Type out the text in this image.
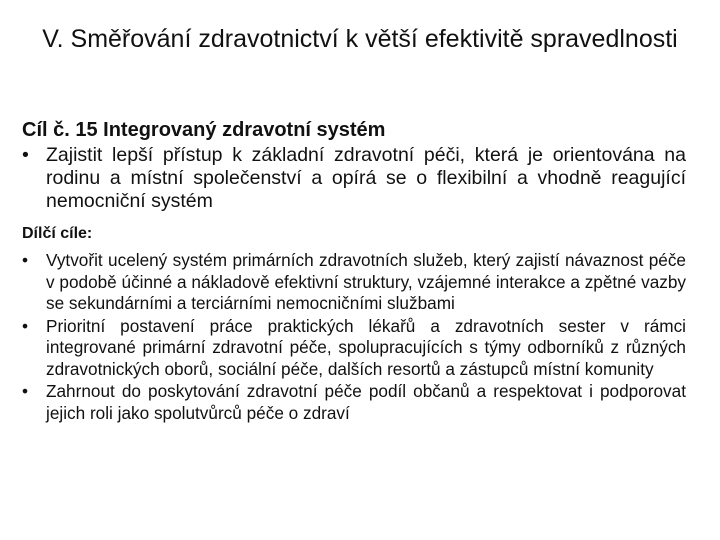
V. Směřování zdravotnictví k větší efektivitě spravedlnosti
Cíl č. 15 Integrovaný zdravotní systém
• Zajistit lepší přístup k základní zdravotní péči, která je orientována na rodinu a místní společenství a opírá se o flexibilní a vhodně reagující nemocniční systém
Dílčí cíle:
•	Vytvořit ucelený systém primárních zdravotních služeb, který zajistí návaznost péče v podobě účinné a nákladově efektivní struktury, vzájemné interakce a zpětné vazby se sekundárními a terciárními nemocničními službami
•	Prioritní postavení práce praktických lékařů a zdravotních sester v rámci integrované primární zdravotní péče, spolupracujících s týmy odborníků z různých zdravotnických oborů, sociální péče, dalších resortů a zástupců místní komunity
•	Zahrnout do poskytování zdravotní péče podíl občanů a respektovat i podporovat jejich roli jako spolutvůrců péče o zdraví
